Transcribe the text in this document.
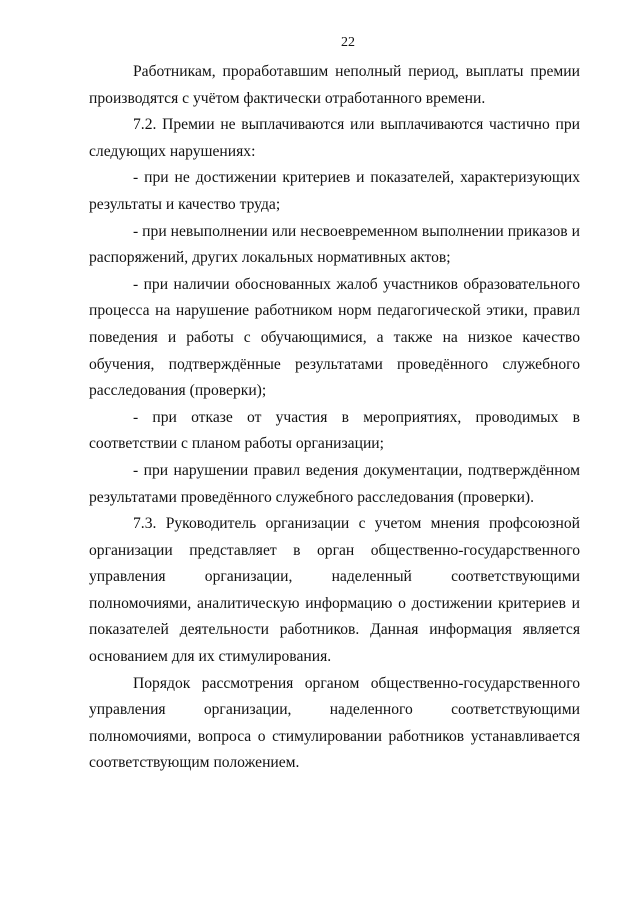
22

Работникам, проработавшим неполный период, выплаты премии производятся с учётом фактически отработанного времени.

7.2. Премии не выплачиваются или выплачиваются частично при следующих нарушениях:

- при не достижении критериев и показателей, характеризующих результаты и качество труда;

- при невыполнении или несвоевременном выполнении приказов и распоряжений, других локальных нормативных актов;

- при наличии обоснованных жалоб участников образовательного процесса на нарушение работником норм педагогической этики, правил поведения и работы с обучающимися, а также на низкое качество обучения, подтверждённые результатами проведённого служебного расследования (проверки);

- при отказе от участия в мероприятиях, проводимых в соответствии с планом работы организации;

- при нарушении правил ведения документации, подтверждённом результатами проведённого служебного расследования (проверки).

7.3. Руководитель организации с учетом мнения профсоюзной организации представляет в орган общественно-государственного управления организации, наделенный соответствующими полномочиями, аналитическую информацию о достижении критериев и показателей деятельности работников. Данная информация является основанием для их стимулирования.

Порядок рассмотрения органом общественно-государственного управления организации, наделенного соответствующими полномочиями, вопроса о стимулировании работников устанавливается соответствующим положением.
